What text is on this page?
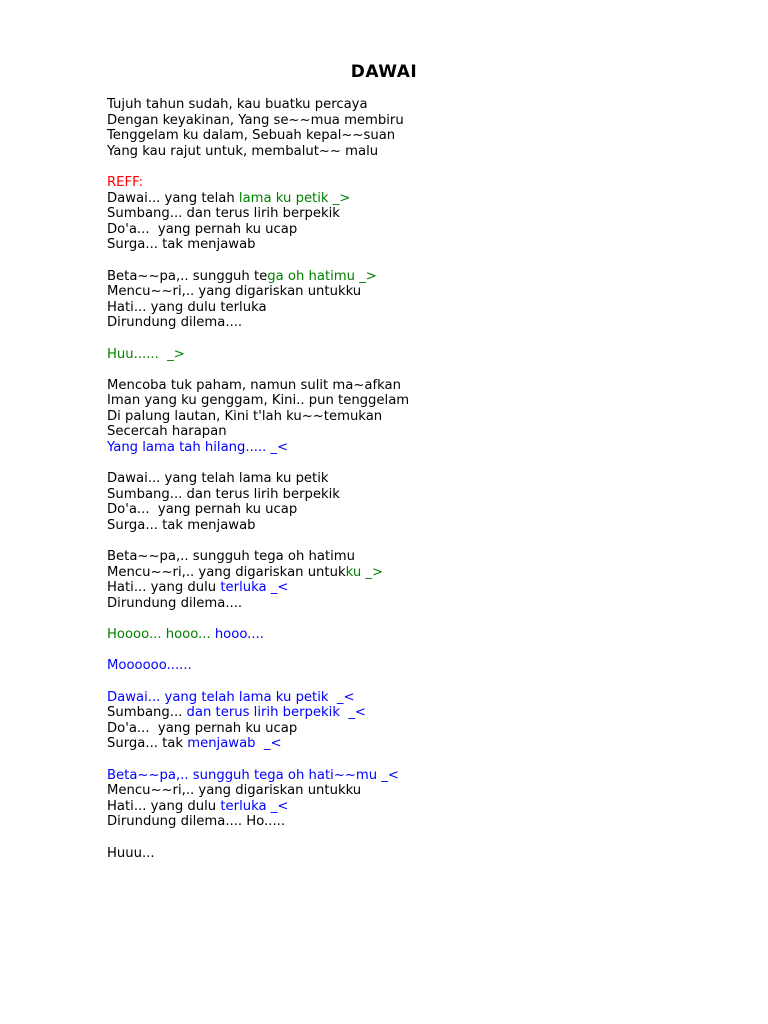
DAWAI
Tujuh tahun sudah, kau buatku percaya
Dengan keyakinan, Yang se~~mua membiru
Tenggelam ku dalam, Sebuah kepal~~suan
Yang kau rajut untuk, membalut~~ malu
REFF:
Dawai... yang telah lama ku petik _>
Sumbang... dan terus lirih berpekik
Do'a...  yang pernah ku ucap
Surga... tak menjawab
Beta~~pa,.. sungguh tega oh hatimu _>
Mencu~~ri,.. yang digariskan untukku
Hati... yang dulu terluka
Dirundung dilema....
Huu......  _>
Mencoba tuk paham, namun sulit ma~afkan
Iman yang ku genggam, Kini.. pun tenggelam
Di palung lautan, Kini t'lah ku~~temukan
Secercah harapan
Yang lama tah hilang..... _<
Dawai... yang telah lama ku petik
Sumbang... dan terus lirih berpekik
Do'a...  yang pernah ku ucap
Surga... tak menjawab
Beta~~pa,.. sungguh tega oh hatimu
Mencu~~ri,.. yang digariskan untukku _>
Hati... yang dulu terluka _<
Dirundung dilema....
Hoooo... hooo... hooo....
Moooooo......
Dawai... yang telah lama ku petik  _<
Sumbang... dan terus lirih berpekik  _<
Do'a...  yang pernah ku ucap
Surga... tak menjawab  _<
Beta~~pa,.. sungguh tega oh hati~~mu _<
Mencu~~ri,.. yang digariskan untukku
Hati... yang dulu terluka _<
Dirundung dilema.... Ho.....
Huuu...
